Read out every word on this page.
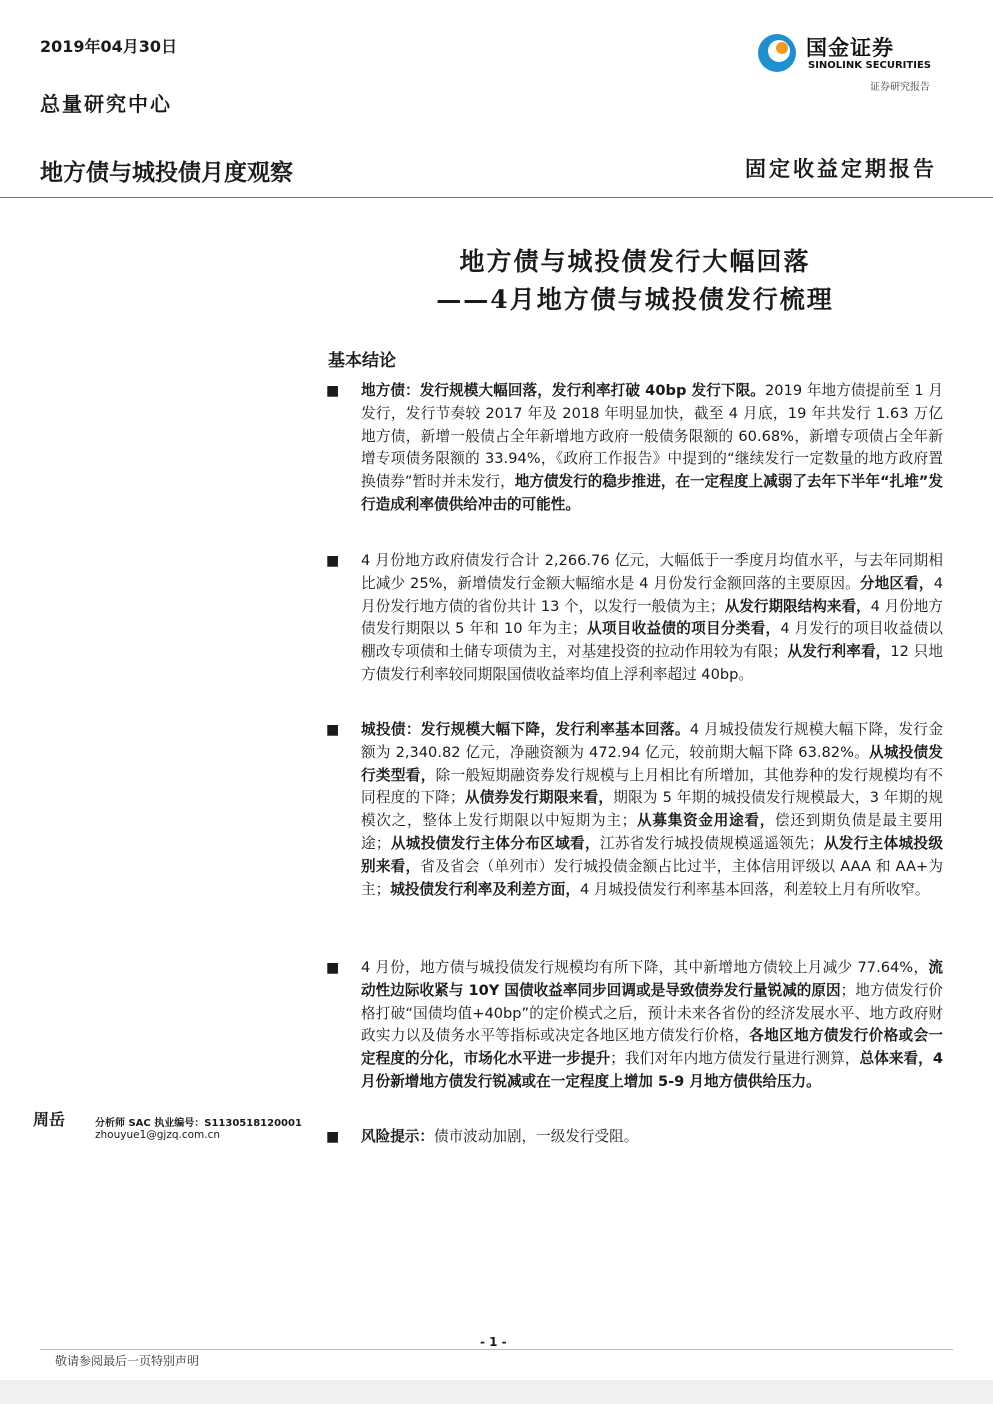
2019年04月30日
总量研究中心
国金证券
SINOLINK SECURITIES
证券研究报告
地方债与城投债月度观察	固定收益定期报告
地方债与城投债发行大幅回落
——4月地方债与城投债发行梳理
基本结论
■ 地方债：发行规模大幅回落，发行利率打破 40bp 发行下限。2019 年地方债提前至 1 月发行，发行节奏较 2017 年及 2018 年明显加快，截至 4 月底，19 年共发行 1.63 万亿地方债，新增一般债占全年新增地方政府一般债务限额的 60.68%，新增专项债占全年新增专项债务限额的 33.94%，《政府工作报告》中提到的“继续发行一定数量的地方政府置换债券”暂时并未发行，地方债发行的稳步推进，在一定程度上减弱了去年下半年“扎堆”发行造成利率债供给冲击的可能性。

■ 4 月份地方政府债发行合计 2,266.76 亿元，大幅低于一季度月均值水平，与去年同期相比减少 25%，新增债发行金额大幅缩水是 4 月份发行金额回落的主要原因。分地区看，4 月份发行地方债的省份共计 13 个，以发行一般债为主；从发行期限结构来看，4 月份地方债发行期限以 5 年和 10 年为主；从项目收益债的项目分类看，4 月发行的项目收益债以棚改专项债和土储专项债为主，对基建投资的拉动作用较为有限；从发行利率看，12 只地方债发行利率较同期限国债收益率均值上浮利率超过 40bp。

■ 城投债：发行规模大幅下降，发行利率基本回落。4 月城投债发行规模大幅下降，发行金额为 2,340.82 亿元，净融资额为 472.94 亿元，较前期大幅下降 63.82%。从城投债发行类型看，除一般短期融资券发行规模与上月相比有所增加，其他券种的发行规模均有不同程度的下降；从债券发行期限来看，期限为 5 年期的城投债发行规模最大，3 年期的规模次之，整体上发行期限以中短期为主；从募集资金用途看，偿还到期负债是最主要用途；从城投债发行主体分布区域看，江苏省发行城投债规模遥遥领先；从发行主体城投级别来看，省及省会（单列市）发行城投债金额占比过半，主体信用评级以 AAA 和 AA+为主；城投债发行利率及利差方面，4 月城投债发行利率基本回落，利差较上月有所收窄。

■ 4 月份，地方债与城投债发行规模均有所下降，其中新增地方债较上月减少 77.64%，流动性边际收紧与 10Y 国债收益率同步回调或是导致债券发行量锐减的原因；地方债发行价格打破“国债均值+40bp”的定价模式之后，预计未来各省份的经济发展水平、地方政府财政实力以及债务水平等指标或决定各地区地方债发行价格，各地区地方债发行价格或会一定程度的分化，市场化水平进一步提升；我们对年内地方债发行量进行测算，总体来看，4 月份新增地方债发行锐减或在一定程度上增加 5-9 月地方债供给压力。

■ 风险提示：债市波动加剧，一级发行受阻。

周岳	分析师 SAC 执业编号：S1130518120001
zhouyue1@gjzq.com.cn
- 1 -
敬请参阅最后一页特别声明
